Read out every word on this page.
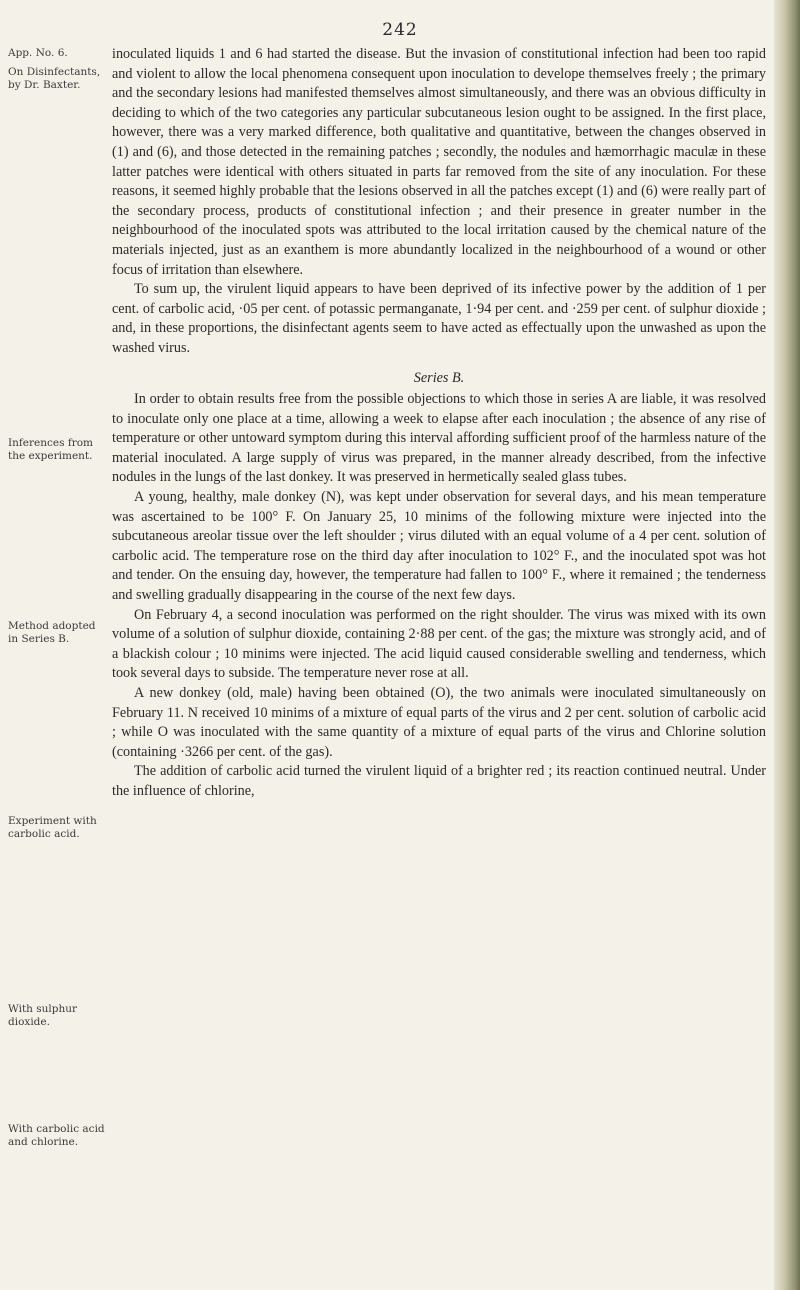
242
App. No. 6.
On Disinfectants, by Dr. Baxter.
Inferences from the experiment.
Method adopted in Series B.
Experiment with carbolic acid.
With sulphur dioxide.
With carbolic acid and chlorine.

inoculated liquids 1 and 6 had started the disease. But the invasion of constitutional infection had been too rapid and violent to allow the local phenomena consequent upon inoculation to develope themselves freely ; the primary and the secondary lesions had manifested themselves almost simultaneously, and there was an obvious difficulty in deciding to which of the two categories any particular subcutaneous lesion ought to be assigned. In the first place, however, there was a very marked difference, both qualitative and quantitative, between the changes observed in (1) and (6), and those detected in the remaining patches ; secondly, the nodules and hæmorrhagic maculæ in these latter patches were identical with others situated in parts far removed from the site of any inoculation. For these reasons, it seemed highly probable that the lesions observed in all the patches except (1) and (6) were really part of the secondary process, products of constitutional infection ; and their presence in greater number in the neighbourhood of the inoculated spots was attributed to the local irritation caused by the chemical nature of the materials injected, just as an exanthem is more abundantly localized in the neighbourhood of a wound or other focus of irritation than elsewhere.

To sum up, the virulent liquid appears to have been deprived of its infective power by the addition of 1 per cent. of carbolic acid, ·05 per cent. of potassic permanganate, 1·94 per cent. and ·259 per cent. of sulphur dioxide ; and, in these proportions, the disinfectant agents seem to have acted as effectually upon the unwashed as upon the washed virus.

Series B.

In order to obtain results free from the possible objections to which those in series A are liable, it was resolved to inoculate only one place at a time, allowing a week to elapse after each inoculation ; the absence of any rise of temperature or other untoward symptom during this interval affording sufficient proof of the harmless nature of the material inoculated. A large supply of virus was prepared, in the manner already described, from the infective nodules in the lungs of the last donkey. It was preserved in hermetically sealed glass tubes.

A young, healthy, male donkey (N), was kept under observation for several days, and his mean temperature was ascertained to be 100° F. On January 25, 10 minims of the following mixture were injected into the subcutaneous areolar tissue over the left shoulder ; virus diluted with an equal volume of a 4 per cent. solution of carbolic acid. The temperature rose on the third day after inoculation to 102° F., and the inoculated spot was hot and tender. On the ensuing day, however, the temperature had fallen to 100° F., where it remained ; the tenderness and swelling gradually disappearing in the course of the next few days.

On February 4, a second inoculation was performed on the right shoulder. The virus was mixed with its own volume of a solution of sulphur dioxide, containing 2·88 per cent. of the gas; the mixture was strongly acid, and of a blackish colour ; 10 minims were injected. The acid liquid caused considerable swelling and tenderness, which took several days to subside. The temperature never rose at all.

A new donkey (old, male) having been obtained (O), the two animals were inoculated simultaneously on February 11. N received 10 minims of a mixture of equal parts of the virus and 2 per cent. solution of carbolic acid ; while O was inoculated with the same quantity of a mixture of equal parts of the virus and Chlorine solution (containing ·3266 per cent. of the gas).

The addition of carbolic acid turned the virulent liquid of a brighter red ; its reaction continued neutral. Under the influence of chlorine,
